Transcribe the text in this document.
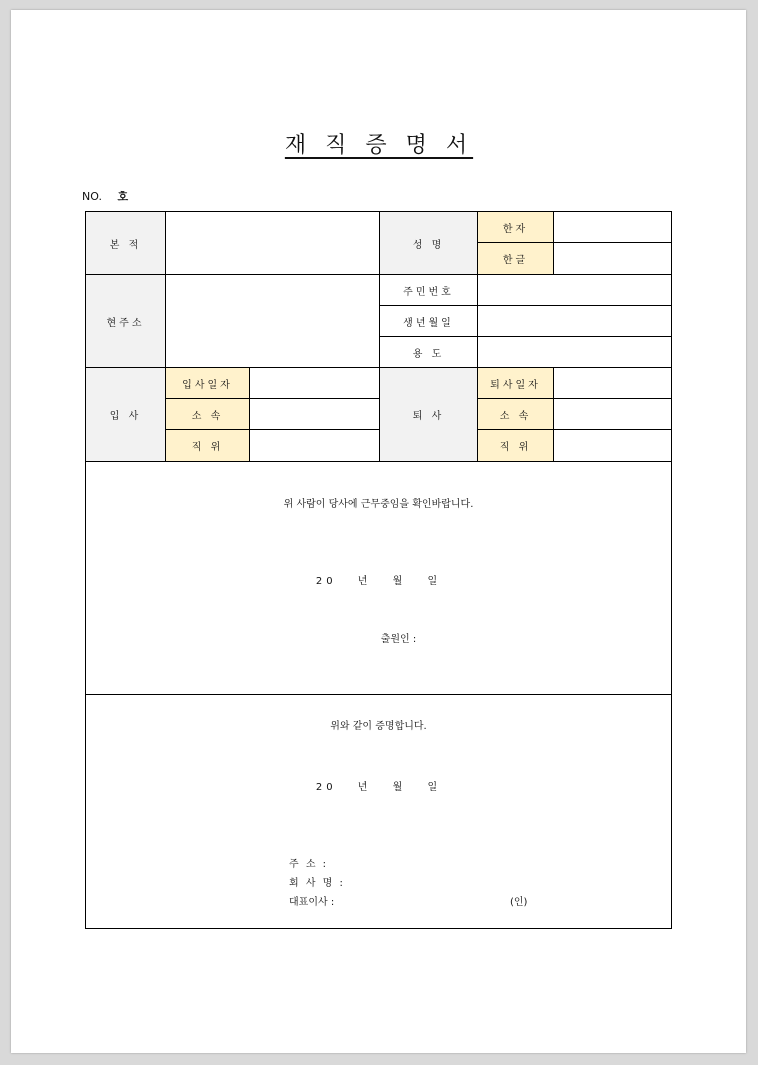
재 직 증 명 서
NO. 호
본 적	성 명
한자
한글
현주소
주민번호
생년월일
용 도
입 사
입사일자
소 속
직 위
퇴 사
퇴사일자
소 속
직 위
위 사람이 당사에 근무중임을 확인바랍니다.
20 년 월 일
출원인 :
위와 같이 증명합니다.
20 년 월 일
주 소 :
회 사 명 :
대표이사 :	(인)
